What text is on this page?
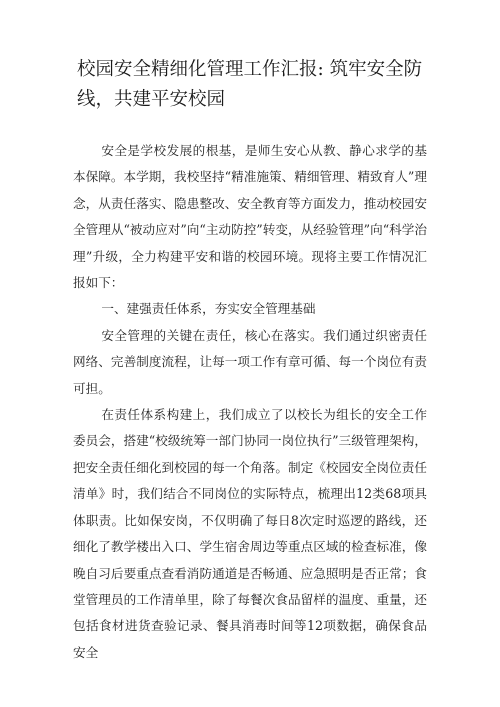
校园安全精细化管理工作汇报: 筑牢安全防线，共建平安校园

安全是学校发展的根基，是师生安心从教、静心求学的基本保障。本学期，我校坚持“精准施策、精细管理、精致育人”理念，从责任落实、隐患整改、安全教育等方面发力，推动校园安全管理从“被动应对”向“主动防控”转变，从经验管理”向“科学治理”升级，全力构建平安和谐的校园环境。现将主要工作情况汇报如下：

一、建强责任体系，夯实安全管理基础

安全管理的关键在责任，核心在落实。我们通过织密责任网络、完善制度流程，让每一项工作有章可循、每一个岗位有责可担。

在责任体系构建上，我们成立了以校长为组长的安全工作委员会，搭建“校级统筹一部门协同一岗位执行”三级管理架构，把安全责任细化到校园的每一个角落。制定《校园安全岗位责任清单》时，我们结合不同岗位的实际特点，梳理出12类68项具体职责。比如保安岗，不仅明确了每日8次定时巡逻的路线，还细化了教学楼出入口、学生宿舍周边等重点区域的检查标准，像晚自习后要重点查看消防通道是否畅通、应急照明是否正常；食堂管理员的工作清单里，除了每餐次食品留样的温度、重量，还包括食材进货查验记录、餐具消毒时间等12项数据，确保食品安全
